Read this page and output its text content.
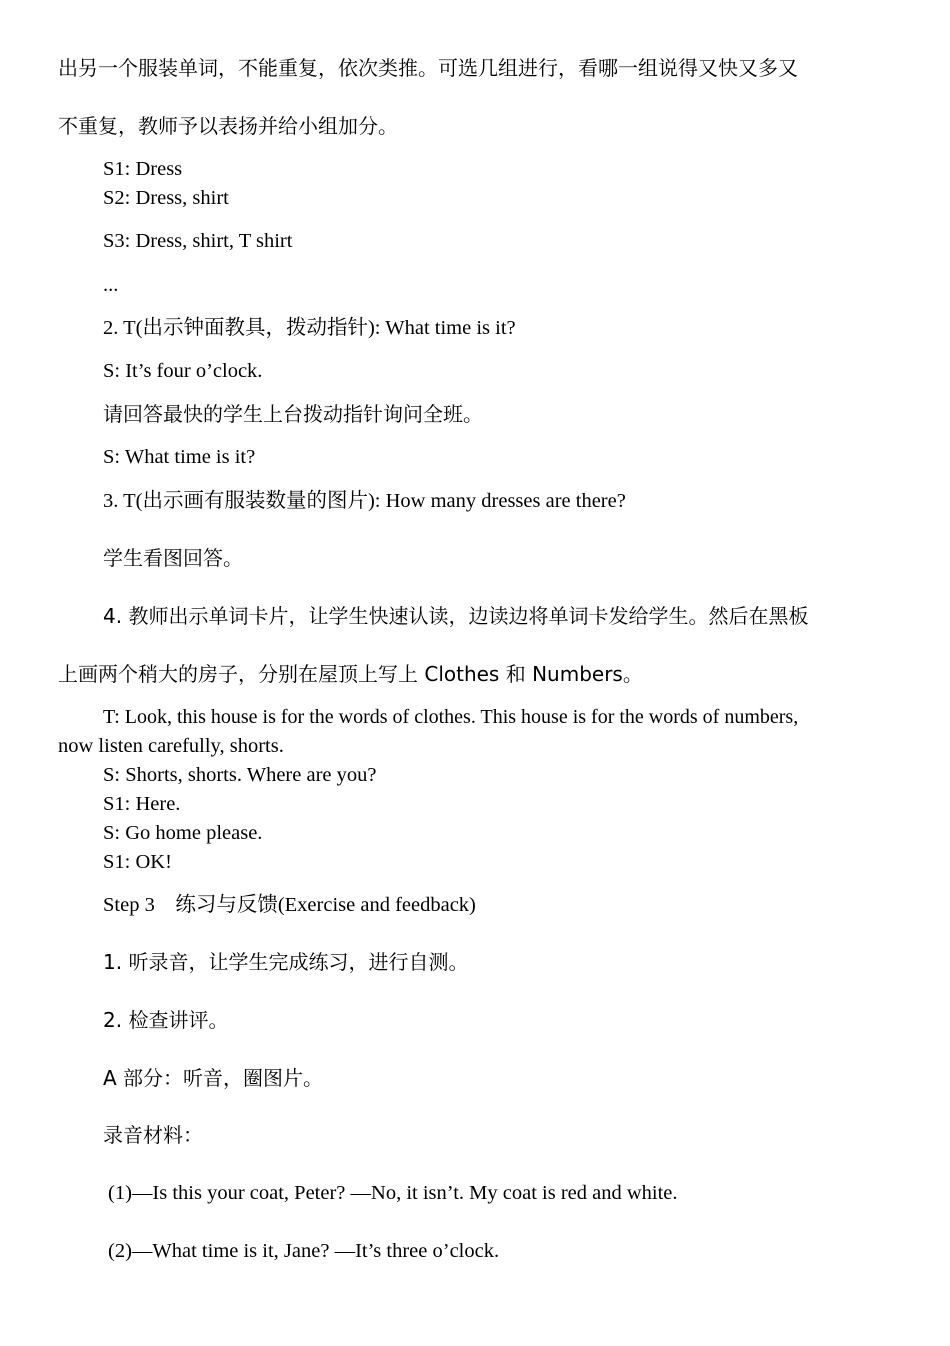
出另一个服装单词，不能重复，依次类推。可选几组进行，看哪一组说得又快又多又
不重复，教师予以表扬并给小组加分。
S1: Dress
S2: Dress, shirt
S3: Dress, shirt, T shirt
...
2. T(出示钟面教具，拨动指针): What time is it?
S: It’s four o’clock.
请回答最快的学生上台拨动指针询问全班。
S: What time is it?
3. T(出示画有服装数量的图片): How many dresses are there?
学生看图回答。
4. 教师出示单词卡片，让学生快速认读，边读边将单词卡发给学生。然后在黑板
上画两个稍大的房子，分别在屋顶上写上 Clothes 和 Numbers。
T: Look, this house is for the words of clothes. This house is for the words of numbers,
now listen carefully, shorts.
S: Shorts, shorts. Where are you?
S1: Here.
S: Go home please.
S1: OK!
Step 3    练习与反馈(Exercise and feedback)
1. 听录音，让学生完成练习，进行自测。
2. 检查讲评。
A 部分：听音，圈图片。
录音材料：
(1)—Is this your coat, Peter? —No, it isn’t. My coat is red and white.
(2)—What time is it, Jane? —It’s three o’clock.
